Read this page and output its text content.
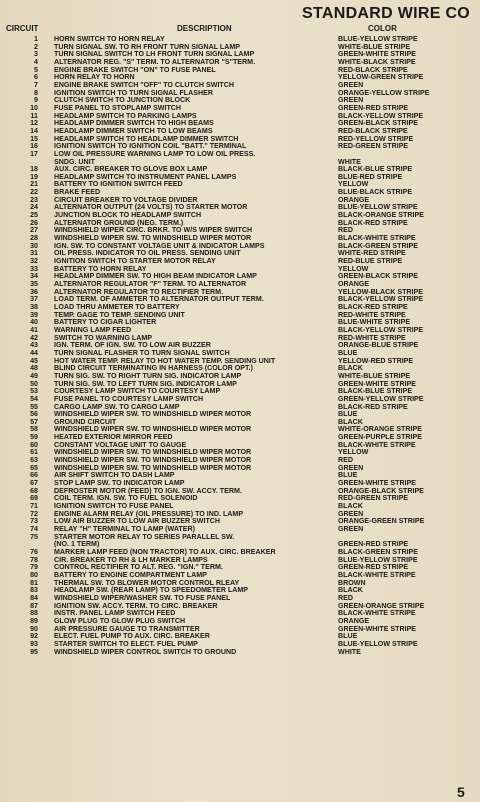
STANDARD WIRE CO
CIRCUIT	DESCRIPTION	COLOR
1 HORN SWITCH TO HORN RELAY	BLUE-YELLOW STRIPE
2 TURN SIGNAL SW. TO RH FRONT TURN SIGNAL LAMP	WHITE-BLUE STRIPE
3 TURN SIGNAL SWITCH TO LH FRONT TURN SIGNAL LAMP	GREEN-WHITE STRIPE
4 ALTERNATOR REG. "S" TERM. TO ALTERNATOR "S"TERM.	WHITE-BLACK STRIPE
5 ENGINE BRAKE SWITCH "ON" TO FUSE PANEL	RED-BLACK STRIPE
6 HORN RELAY TO HORN	YELLOW-GREEN STRIPE
7 ENGINE BRAKE SWITCH "OFF" TO CLUTCH SWITCH	GREEN
8 IGNITION SWITCH TO TURN SIGNAL FLASHER	ORANGE-YELLOW STRIPE
9 CLUTCH SWITCH TO JUNCTION BLOCK	GREEN
10 FUSE PANEL TO STOPLAMP SWITCH	GREEN-RED STRIPE
11 HEADLAMP SWITCH TO PARKING LAMPS	BLACK-YELLOW STRIPE
12 HEADLAMP DIMMER SWITCH TO HIGH BEAMS	GREEN-BLACK STRIPE
14 HEADLAMP DIMMER SWITCH TO LOW BEAMS	RED-BLACK STRIPE
15 HEADLAMP SWITCH TO HEADLAMP DIMMER SWITCH	RED-YELLOW STRIPE
16 IGNITION SWITCH TO IGNITION COIL "BATT." TERMINAL	RED-GREEN STRIPE
17 LOW OIL PRESSURE WARNING LAMP TO LOW OIL PRESS.
SNDG. UNIT	WHITE
18 AUX. CIRC. BREAKER TO GLOVE BOX LAMP	BLACK-BLUE STRIPE
19 HEADLAMP SWITCH TO INSTRUMENT PANEL LAMPS	BLUE-RED STRIPE
21 BATTERY TO IGNITION SWITCH FEED	YELLOW
22 BRAKE FEED	BLUE-BLACK STRIPE
23 CIRCUIT BREAKER TO VOLTAGE DIVIDER	ORANGE
24 ALTERNATOR OUTPUT (24 VOLTS) TO STARTER MOTOR	BLUE-YELLOW STRIPE
25 JUNCTION BLOCK TO HEADLAMP SWITCH	BLACK-ORANGE STRIPE
26 ALTERNATOR GROUND (NEG. TERM.)	BLACK-RED STRIPE
27 WINDSHIELD WIPER CIRC. BRKR. TO W/S WIPER SWITCH	RED
28 WINDSHIELD WIPER SW. TO WINDSHIELD WIPER MOTOR	BLACK-WHITE STRIPE
30 IGN. SW. TO CONSTANT VOLTAGE UNIT & INDICATOR LAMPS	BLACK-GREEN STRIPE
31 OIL PRESS. INDICATOR TO OIL PRESS. SENDING UNIT	WHITE-RED STRIPE
32 IGNITION SWITCH TO STARTER MOTOR RELAY	RED-BLUE STRIPE
33 BATTERY TO HORN RELAY	YELLOW
34 HEADLAMP DIMMER SW. TO HIGH BEAM INDICATOR LAMP	GREEN-BLACK STRIPE
35 ALTERNATOR REGULATOR "F" TERM. TO ALTERNATOR	ORANGE
36 ALTERNATOR REGULATOR TO RECTIFIER TERM.	YELLOW-BLACK STRIPE
37 LOAD TERM. OF AMMETER TO ALTERNATOR OUTPUT TERM.	BLACK-YELLOW STRIPE
38 LOAD THRU AMMETER TO BATTERY	BLACK-RED STRIPE
39 TEMP. GAGE TO TEMP. SENDING UNIT	RED-WHITE STRIPE
40 BATTERY TO CIGAR LIGHTER	BLUE-WHITE STRIPE
41 WARNING LAMP FEED	BLACK-YELLOW STRIPE
42 SWITCH TO WARNING LAMP	RED-WHITE STRIPE
43 IGN. TERM. OF IGN. SW. TO LOW AIR BUZZER	ORANGE-BLUE STRIPE
44 TURN SIGNAL FLASHER TO TURN SIGNAL SWITCH	BLUE
45 HOT WATER TEMP. RELAY TO HOT WATER TEMP. SENDING UNIT	YELLOW-RED STRIPE
48 BLIND CIRCUIT TERMINATING IN HARNESS (COLOR OPT.)	BLACK
49 TURN SIG. SW. TO RIGHT TURN SIG. INDICATOR LAMP	WHITE-BLUE STRIPE
50 TURN SIG. SW. TO LEFT TURN SIG. INDICATOR LAMP	GREEN-WHITE STRIPE
53 COURTESY LAMP SWITCH TO COURTESY LAMP	BLACK-BLUE STRIPE
54 FUSE PANEL TO COURTESY LAMP SWITCH	GREEN-YELLOW STRIPE
55 CARGO LAMP SW. TO CARGO LAMP	BLACK-RED STRIPE
56 WINDSHIELD WIPER SW. TO WINDSHIELD WIPER MOTOR	BLUE
57 GROUND CIRCUIT	BLACK
58 WINDSHIELD WIPER SW. TO WINDSHIELD WIPER MOTOR	WHITE-ORANGE STRIPE
59 HEATED EXTERIOR MIRROR FEED	GREEN-PURPLE STRIPE
60 CONSTANT VOLTAGE UNIT TO GAUGE	BLACK-WHITE STRIPE
61 WINDSHIELD WIPER SW. TO WINDSHIELD WIPER MOTOR	YELLOW
63 WINDSHIELD WIPER SW. TO WINDSHIELD WIPER MOTOR	RED
65 WINDSHIELD WIPER SW. TO WINDSHIELD WIPER MOTOR	GREEN
66 AIR SHIFT SWITCH TO DASH LAMP	BLUE
67 STOP LAMP SW. TO INDICATOR LAMP	GREEN-WHITE STRIPE
68 DEFROSTER MOTOR (FEED) TO IGN. SW. ACCY. TERM.	ORANGE-BLACK STRIPE
69 COIL TERM. IGN. SW. TO FUEL SOLENOID	RED-GREEN STRIPE
71 IGNITION SWITCH TO FUSE PANEL	BLACK
72 ENGINE ALARM RELAY (OIL PRESSURE) TO IND. LAMP	GREEN
73 LOW AIR BUZZER TO LOW AIR BUZZER SWITCH	ORANGE-GREEN STRIPE
74 RELAY "H" TERMINAL TO LAMP (WATER)	GREEN
75 STARTER MOTOR RELAY TO SERIES PARALLEL SW.
(NO. 1 TERM)	GREEN-RED STRIPE
76 MARKER LAMP FEED (NON TRACTOR) TO AUX. CIRC. BREAKER	BLACK-GREEN STRIPE
78 CIR. BREAKER TO RH & LH MARKER LAMPS	BLUE-YELLOW STRIPE
79 CONTROL RECTIFIER TO ALT. REG. "IGN." TERM.	GREEN-RED STRIPE
80 BATTERY TO ENGINE COMPARTMENT LAMP	BLACK-WHITE STRIPE
81 THERMAL SW. TO BLOWER MOTOR CONTROL RLEAY	BROWN
83 HEADLAMP SW. (REAR LAMP) TO SPEEDOMETER LAMP	BLACK
84 WINDSHIELD WIPER/WASHER SW. TO FUSE PANEL	RED
87 IGNITION SW. ACCY. TERM. TO CIRC. BREAKER	GREEN-ORANGE STRIPE
88 INSTR. PANEL LAMP SWITCH FEED	BLACK-WHITE STRIPE
89 GLOW PLUG TO GLOW PLUG SWITCH	ORANGE
90 AIR PRESSURE GAUGE TO TRANSMITTER	GREEN-WHITE STRIPE
92 ELECT. FUEL PUMP TO AUX. CIRC. BREAKER	BLUE
93 STARTER SWITCH TO ELECT. FUEL PUMP	BLUE-YELLOW STRIPE
95 WINDSHIELD WIPER CONTROL SWITCH TO GROUND	WHITE
5
